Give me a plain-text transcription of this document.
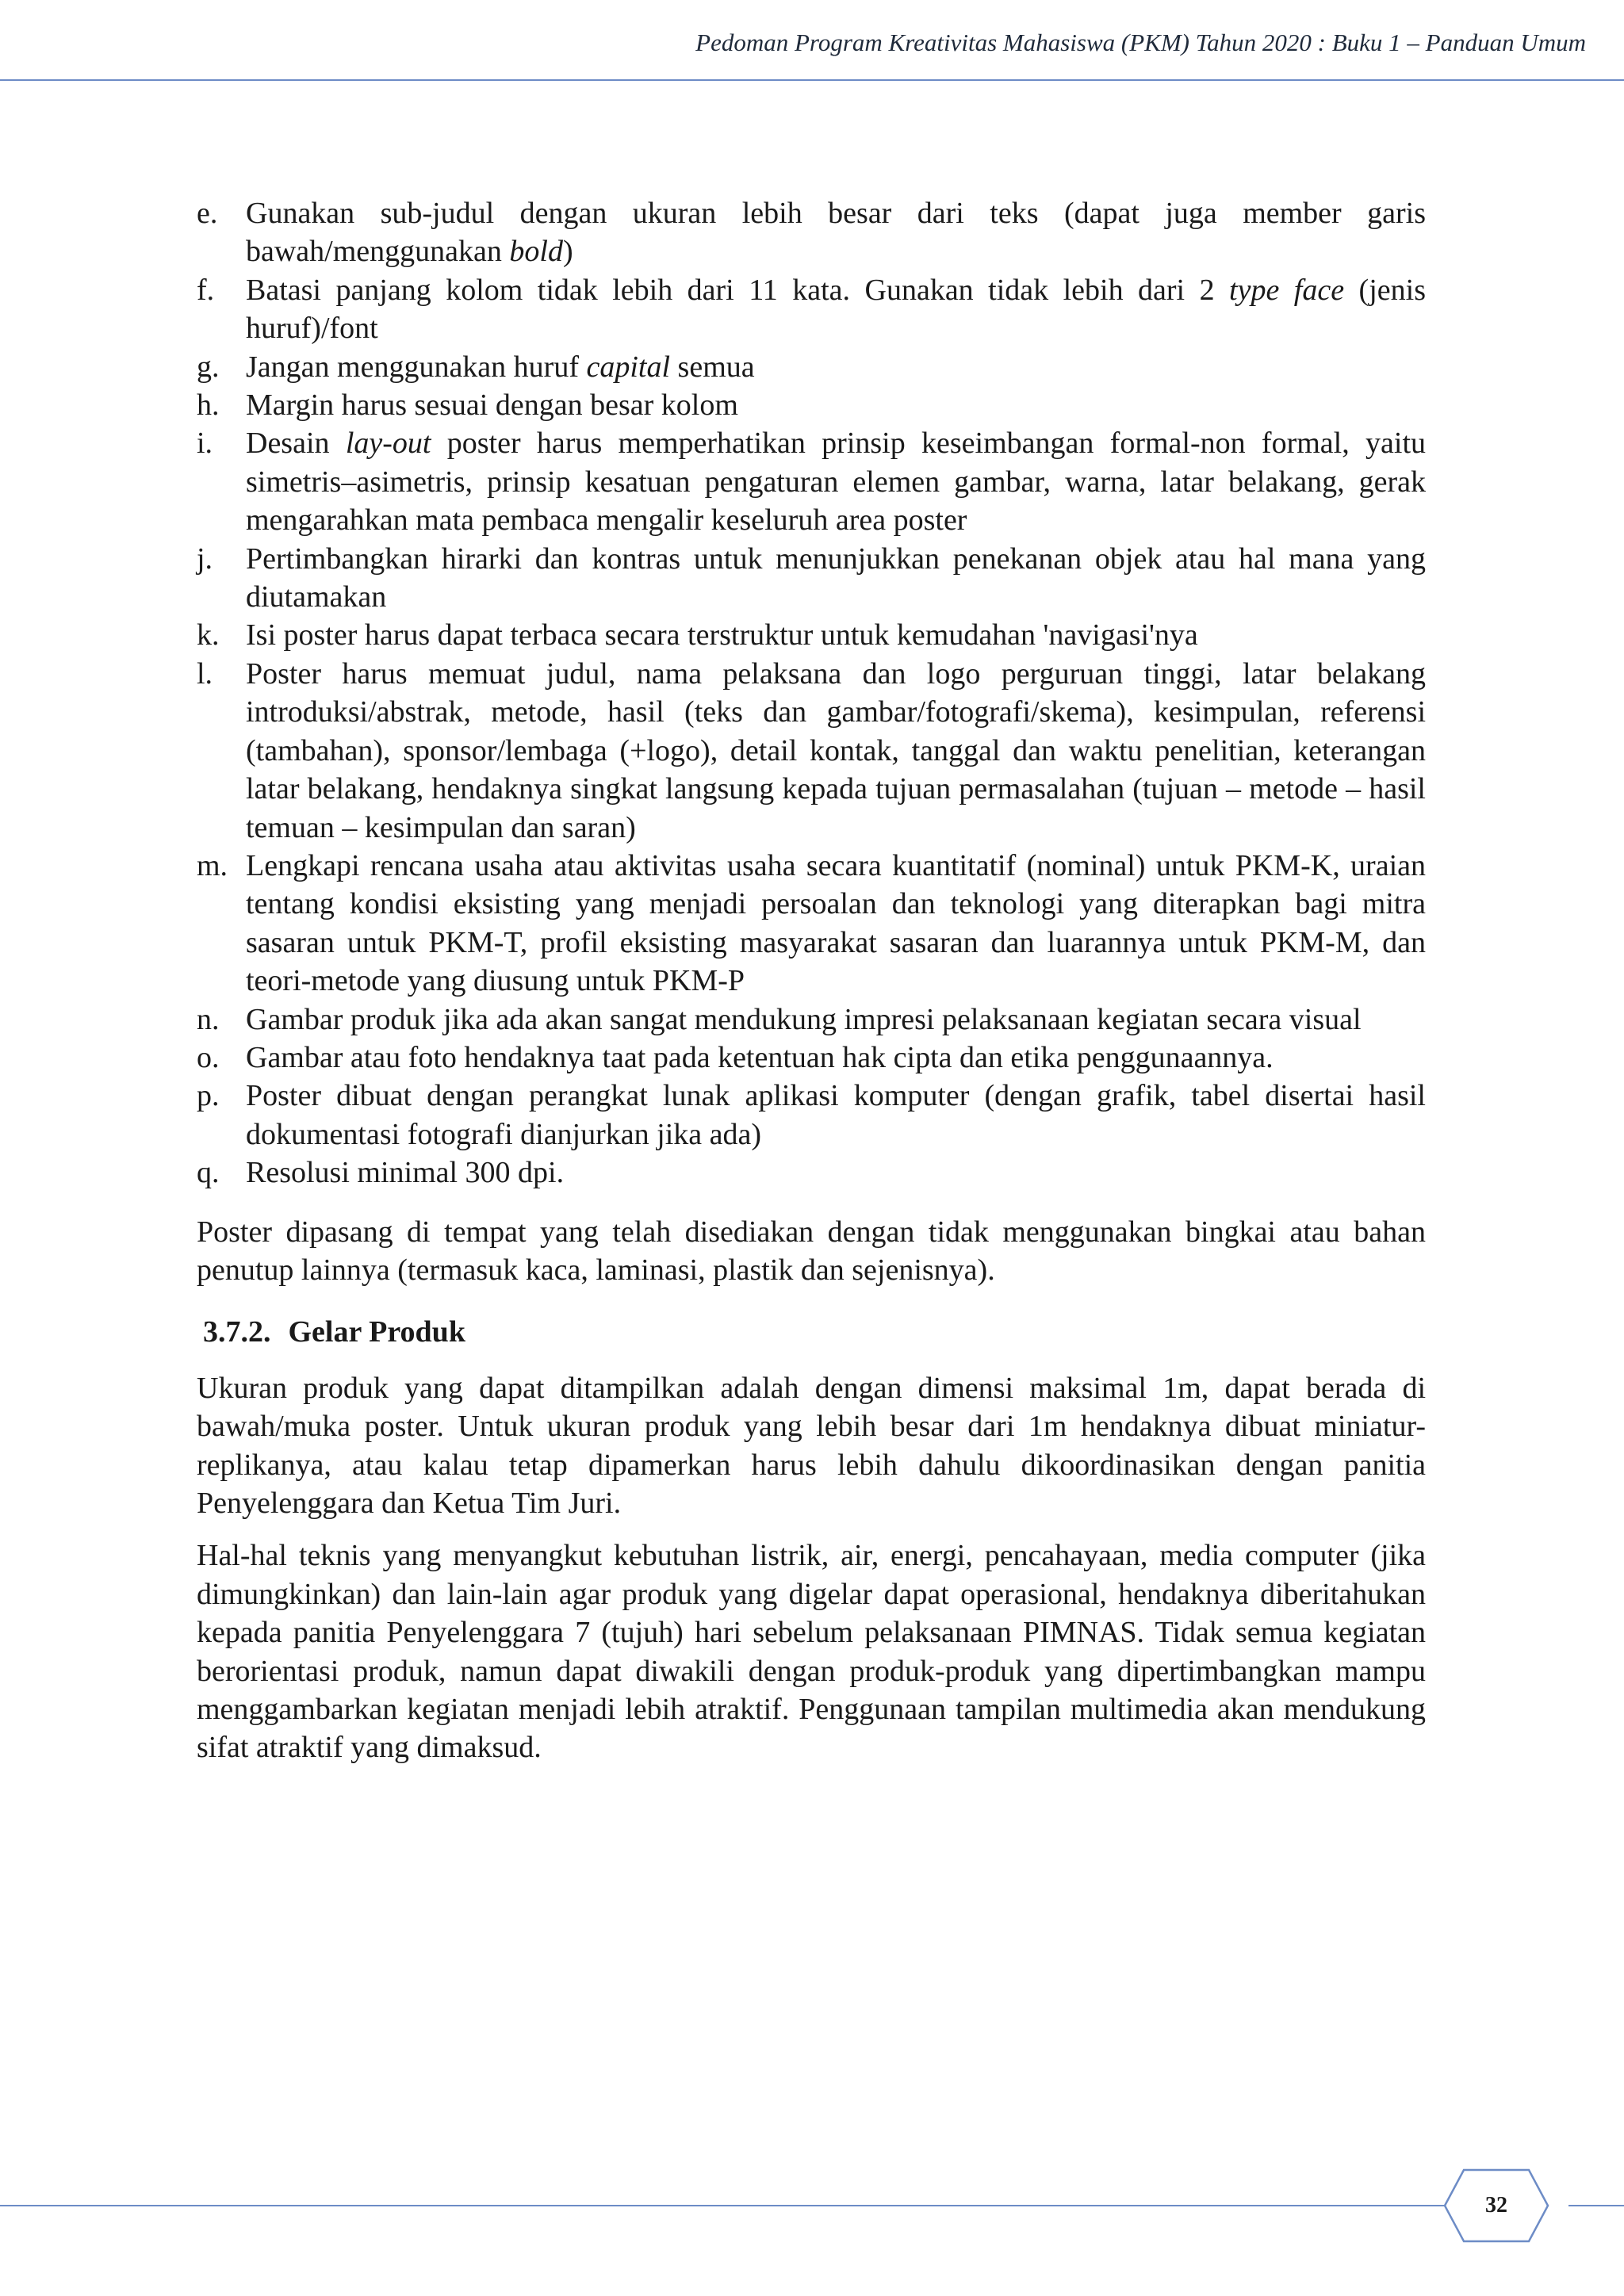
Pedoman Program Kreativitas Mahasiswa (PKM) Tahun 2020 : Buku 1 – Panduan Umum
e. Gunakan sub-judul dengan ukuran lebih besar dari teks (dapat juga member garis bawah/menggunakan bold)
f.	Batasi panjang kolom tidak lebih dari 11 kata. Gunakan tidak lebih dari 2 type face (jenis huruf)/font
g. Jangan menggunakan huruf capital semua
h. Margin harus sesuai dengan besar kolom
i.	Desain lay-out poster harus memperhatikan prinsip keseimbangan formal-non formal, yaitu simetris–asimetris, prinsip kesatuan pengaturan elemen gambar, warna, latar belakang, gerak mengarahkan mata pembaca mengalir keseluruh area poster
j.	Pertimbangkan hirarki dan kontras untuk menunjukkan penekanan objek atau hal mana yang diutamakan
k. Isi poster harus dapat terbaca secara terstruktur untuk kemudahan 'navigasi'nya
l.	Poster harus memuat judul, nama pelaksana dan logo perguruan tinggi, latar belakang introduksi/abstrak, metode, hasil (teks dan gambar/fotografi/skema), kesimpulan, referensi (tambahan), sponsor/lembaga (+logo), detail kontak, tanggal dan waktu penelitian, keterangan latar belakang, hendaknya singkat langsung kepada tujuan permasalahan (tujuan – metode – hasil temuan – kesimpulan dan saran)
m. Lengkapi rencana usaha atau aktivitas usaha secara kuantitatif (nominal) untuk PKM-K, uraian tentang kondisi eksisting yang menjadi persoalan dan teknologi yang diterapkan bagi mitra sasaran untuk PKM-T, profil eksisting masyarakat sasaran dan luarannya untuk PKM-M, dan teori-metode yang diusung untuk PKM-P
n. Gambar produk jika ada akan sangat mendukung impresi pelaksanaan kegiatan secara visual
o. Gambar atau foto hendaknya taat pada ketentuan hak cipta dan etika penggunaannya.
p. Poster dibuat dengan perangkat lunak aplikasi komputer (dengan grafik, tabel disertai hasil dokumentasi fotografi dianjurkan jika ada)
q. Resolusi minimal 300 dpi.

Poster dipasang di tempat yang telah disediakan dengan tidak menggunakan bingkai atau bahan penutup lainnya (termasuk kaca, laminasi, plastik dan sejenisnya).

3.7.2. Gelar Produk

Ukuran produk yang dapat ditampilkan adalah dengan dimensi maksimal 1m, dapat berada di bawah/muka poster. Untuk ukuran produk yang lebih besar dari 1m hendaknya dibuat miniatur-replikanya, atau kalau tetap dipamerkan harus lebih dahulu dikoordinasikan dengan panitia Penyelenggara dan Ketua Tim Juri.

Hal-hal teknis yang menyangkut kebutuhan listrik, air, energi, pencahayaan, media computer (jika dimungkinkan) dan lain-lain agar produk yang digelar dapat operasional, hendaknya diberitahukan kepada panitia Penyelenggara 7 (tujuh) hari sebelum pelaksanaan PIMNAS. Tidak semua kegiatan berorientasi produk, namun dapat diwakili dengan produk-produk yang dipertimbangkan mampu menggambarkan kegiatan menjadi lebih atraktif. Penggunaan tampilan multimedia akan mendukung sifat atraktif yang dimaksud.

32
